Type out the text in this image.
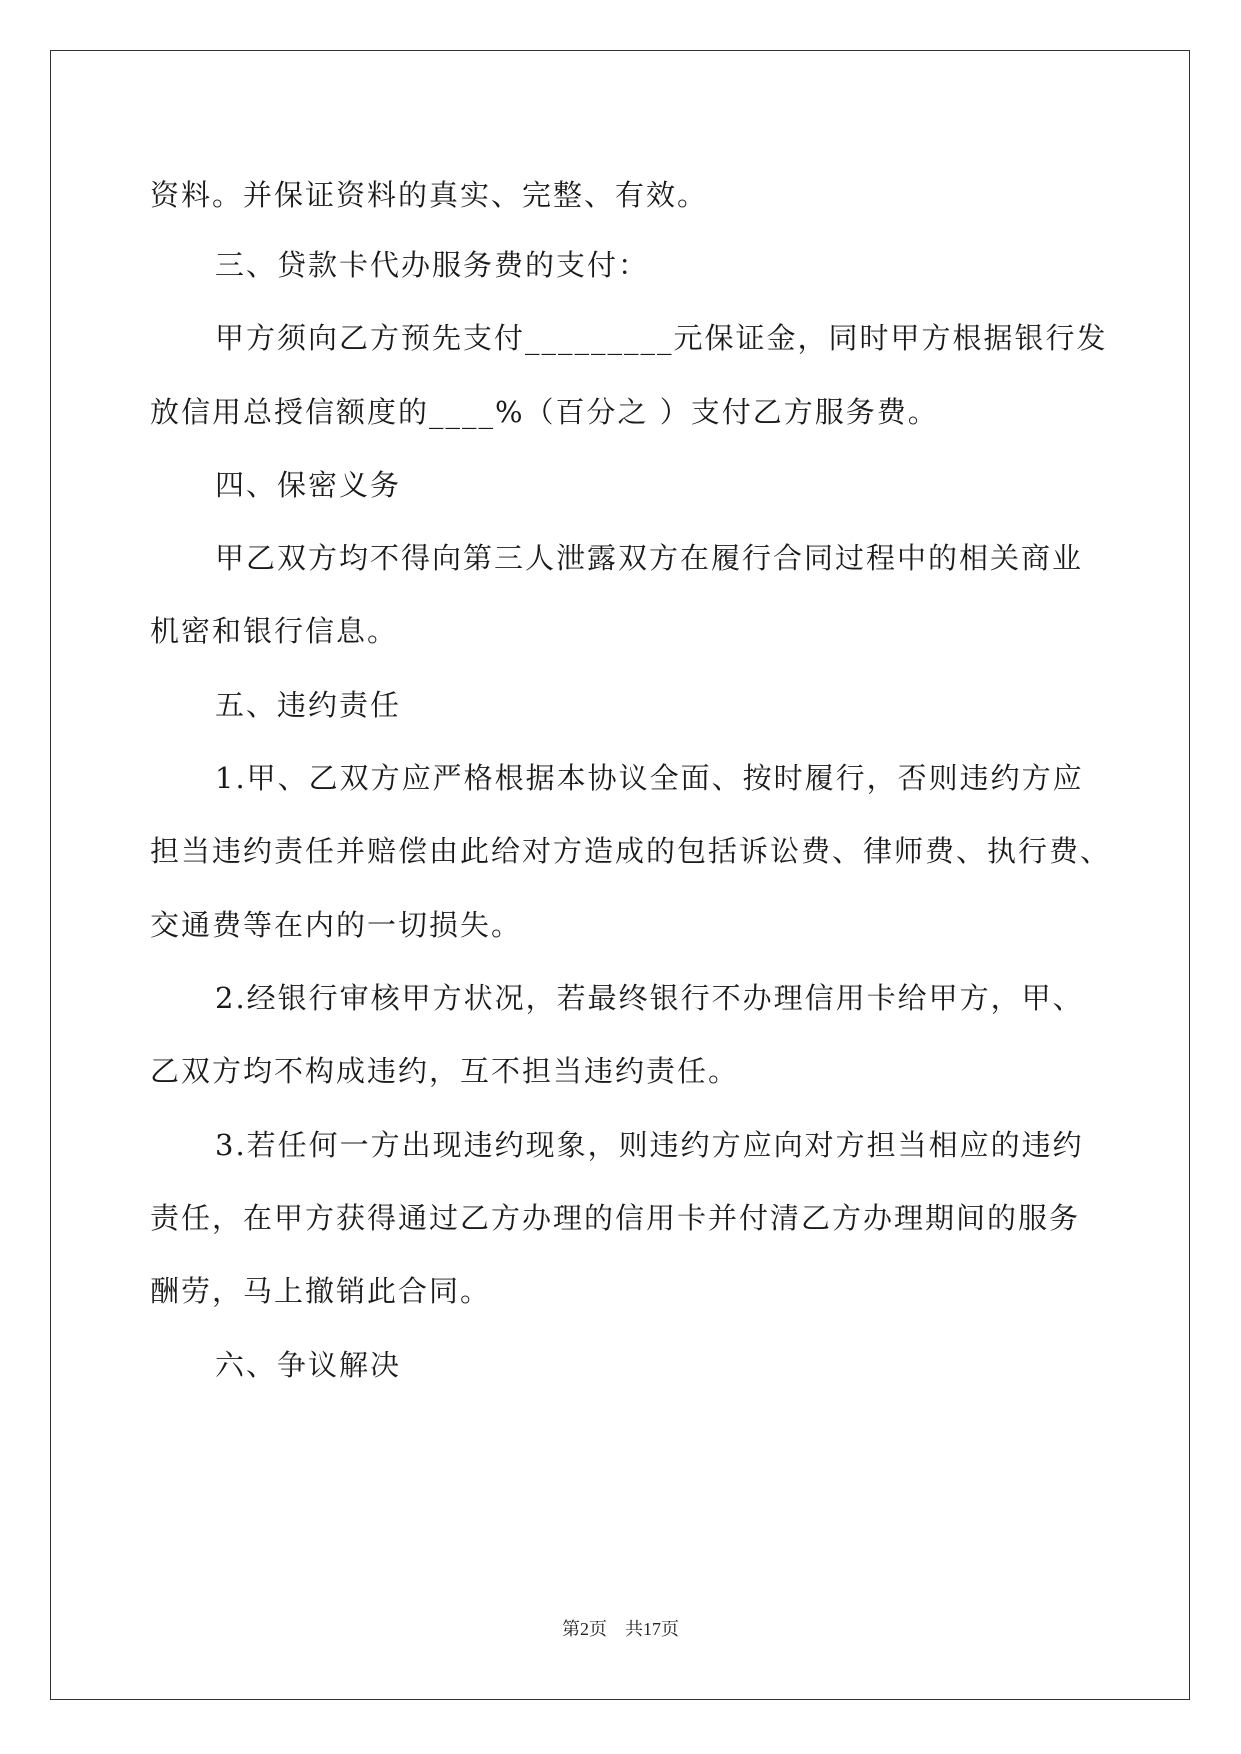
资料。并保证资料的真实、完整、有效。
三、贷款卡代办服务费的支付：
甲方须向乙方预先支付_________元保证金，同时甲方根据银行发
放信用总授信额度的____%（百分之 ）支付乙方服务费。
四、保密义务
甲乙双方均不得向第三人泄露双方在履行合同过程中的相关商业
机密和银行信息。
五、违约责任
1.甲、乙双方应严格根据本协议全面、按时履行，否则违约方应
担当违约责任并赔偿由此给对方造成的包括诉讼费、律师费、执行费、
交通费等在内的一切损失。
2.经银行审核甲方状况，若最终银行不办理信用卡给甲方，甲、
乙双方均不构成违约，互不担当违约责任。
3.若任何一方出现违约现象，则违约方应向对方担当相应的违约
责任，在甲方获得通过乙方办理的信用卡并付清乙方办理期间的服务
酬劳，马上撤销此合同。
六、争议解决
第2页　共17页
